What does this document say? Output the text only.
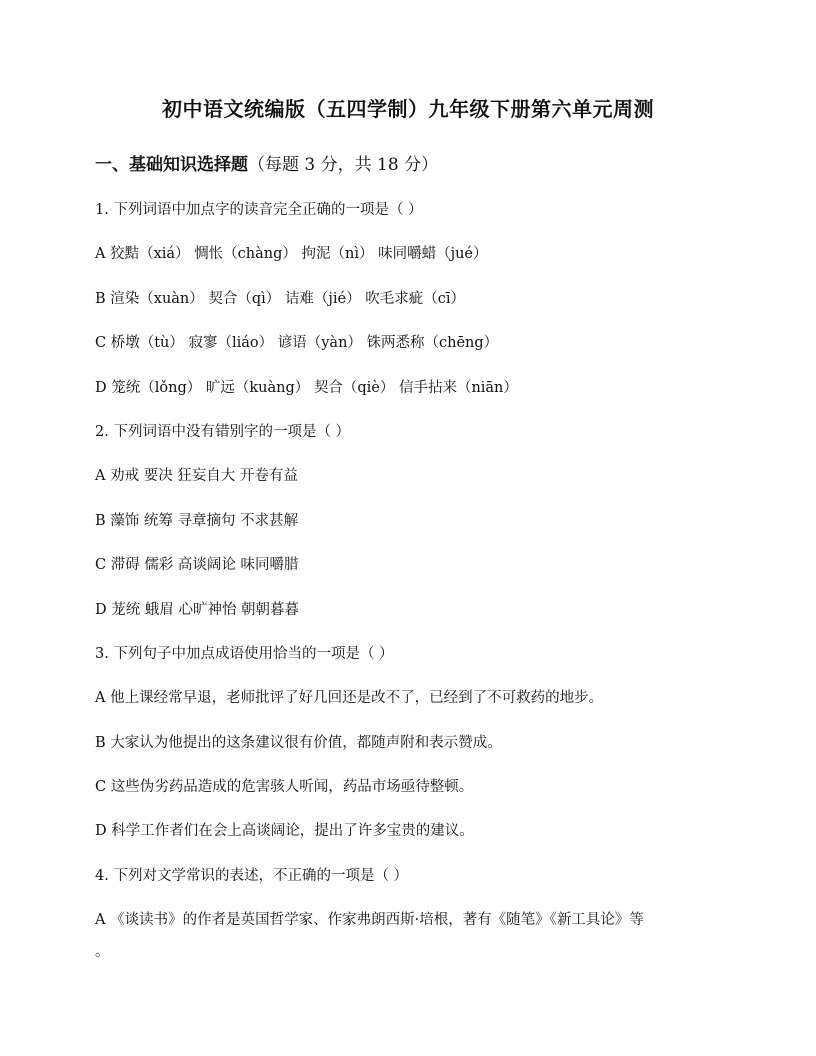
初中语文统编版（五四学制）九年级下册第六单元周测
一、基础知识选择题（每题 3 分，共 18 分）
1. 下列词语中加点字的读音完全正确的一项是（ ）
A 狡黠（xiá） 惆怅（chàng） 拘泥（nì） 味同嚼蜡（jué）
B 渲染（xuàn） 契合（qì） 诘难（jié） 吹毛求疵（cī）
C 桥墩（tù） 寂寥（liáo） 谚语（yàn） 铢两悉称（chēng）
D 笼统（lǒng） 旷远（kuàng） 契合（qiè） 信手拈来（niān）
2. 下列词语中没有错别字的一项是（ ）
A 劝戒 要决 狂妄自大 开卷有益
B 藻饰 统筹 寻章摘句 不求甚解
C 滞碍 儒彩 高谈阔论 味同嚼腊
D 茏统 蛾眉 心旷神怡 朝朝暮暮
3. 下列句子中加点成语使用恰当的一项是（ ）
A 他上课经常早退，老师批评了好几回还是改不了，已经到了不可救药的地步。
B 大家认为他提出的这条建议很有价值，都随声附和表示赞成。
C 这些伪劣药品造成的危害骇人听闻，药品市场亟待整顿。
D 科学工作者们在会上高谈阔论，提出了许多宝贵的建议。
4. 下列对文学常识的表述，不正确的一项是（ ）
A 《谈读书》的作者是英国哲学家、作家弗朗西斯·培根，著有《随笔》《新工具论》等
。
